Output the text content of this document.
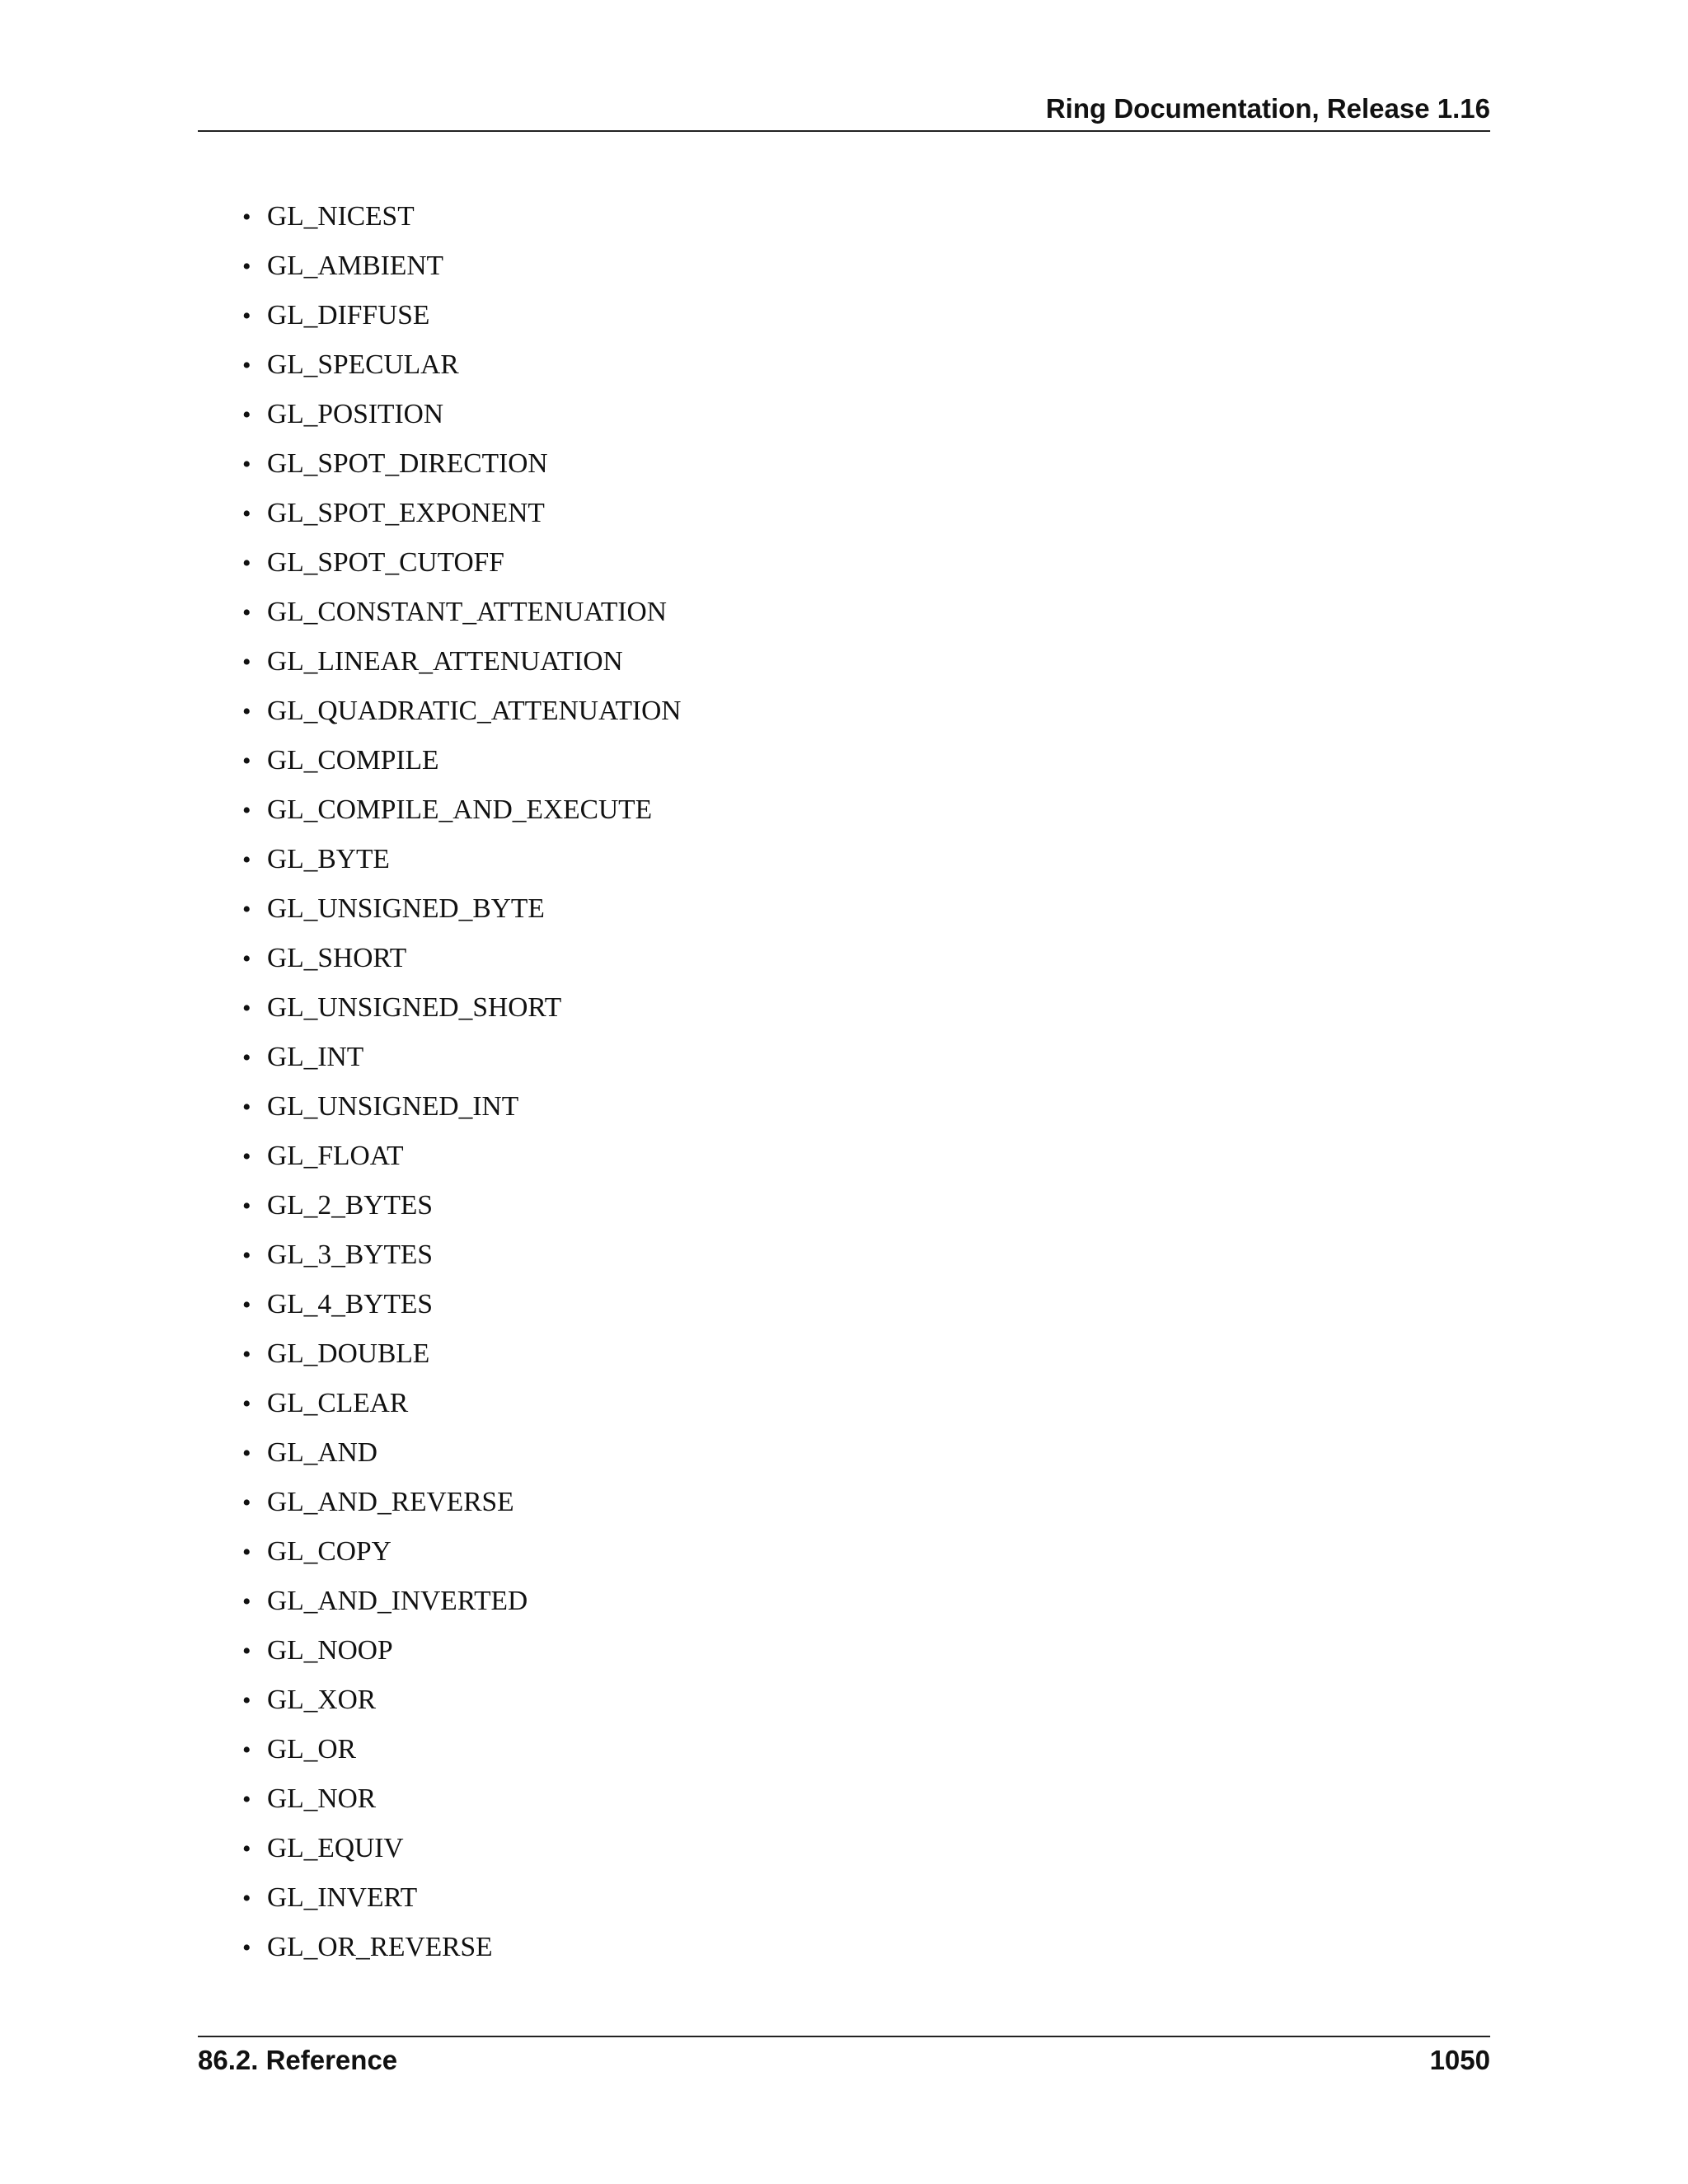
Ring Documentation, Release 1.16
• GL_NICEST
• GL_AMBIENT
• GL_DIFFUSE
• GL_SPECULAR
• GL_POSITION
• GL_SPOT_DIRECTION
• GL_SPOT_EXPONENT
• GL_SPOT_CUTOFF
• GL_CONSTANT_ATTENUATION
• GL_LINEAR_ATTENUATION
• GL_QUADRATIC_ATTENUATION
• GL_COMPILE
• GL_COMPILE_AND_EXECUTE
• GL_BYTE
• GL_UNSIGNED_BYTE
• GL_SHORT
• GL_UNSIGNED_SHORT
• GL_INT
• GL_UNSIGNED_INT
• GL_FLOAT
• GL_2_BYTES
• GL_3_BYTES
• GL_4_BYTES
• GL_DOUBLE
• GL_CLEAR
• GL_AND
• GL_AND_REVERSE
• GL_COPY
• GL_AND_INVERTED
• GL_NOOP
• GL_XOR
• GL_OR
• GL_NOR
• GL_EQUIV
• GL_INVERT
• GL_OR_REVERSE
86.2. Reference	1050
